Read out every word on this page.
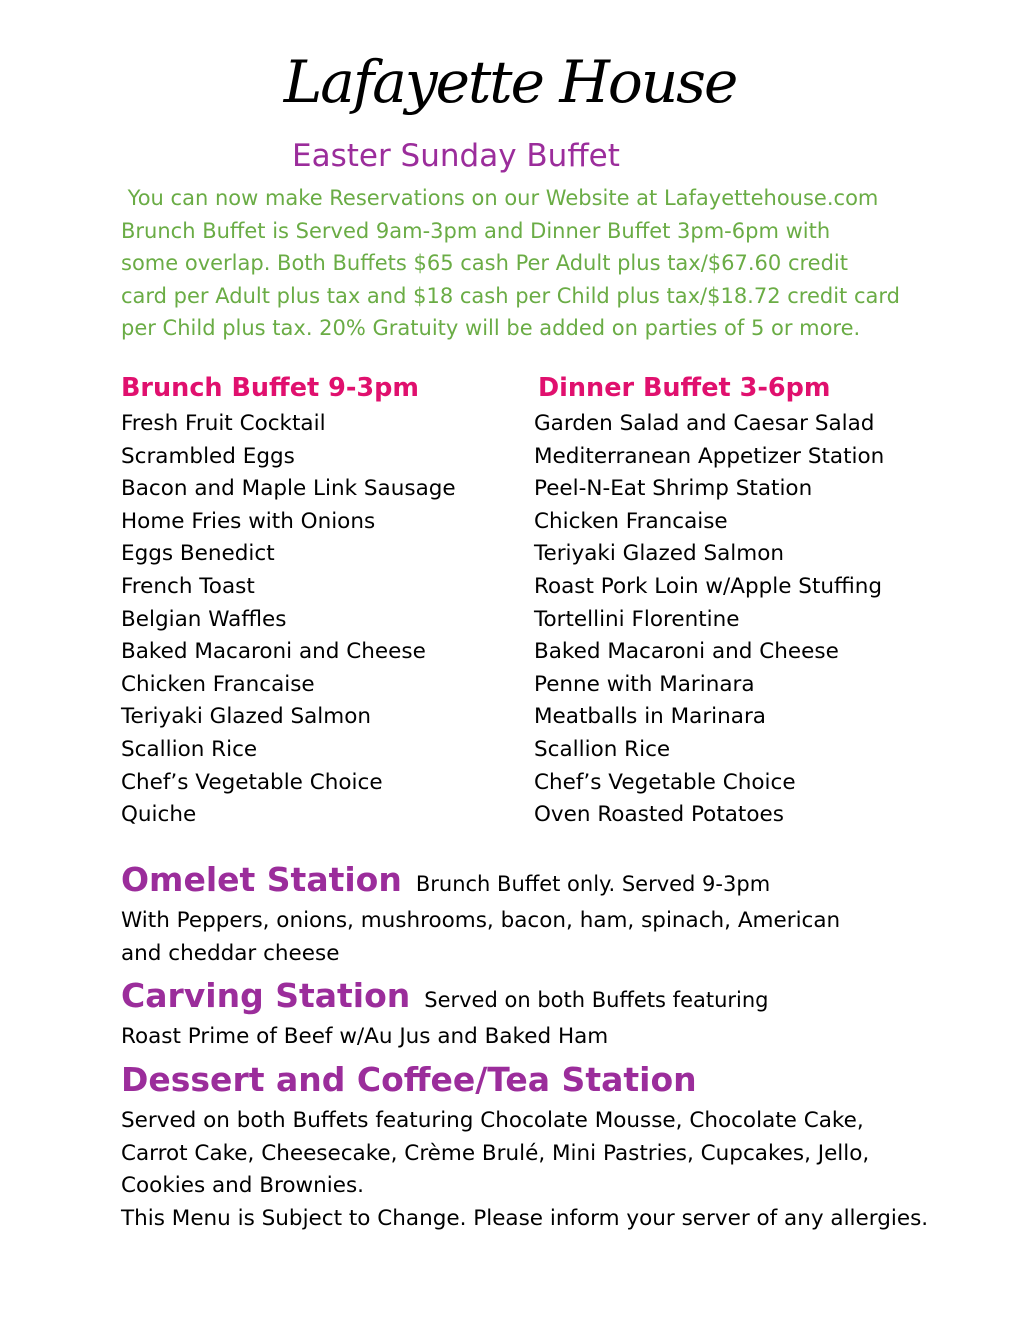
Lafayette House
Easter Sunday Buffet
You can now make Reservations on our Website at Lafayettehouse.com
Brunch Buffet is Served 9am-3pm and Dinner Buffet 3pm-6pm with
some overlap. Both Buffets $65 cash Per Adult plus tax/$67.60 credit
card per Adult plus tax and $18 cash per Child plus tax/$18.72 credit card
per Child plus tax. 20% Gratuity will be added on parties of 5 or more.
Brunch Buffet 9-3pm	Dinner Buffet 3-6pm
Fresh Fruit Cocktail
Scrambled Eggs
Bacon and Maple Link Sausage
Home Fries with Onions
Eggs Benedict
French Toast
Belgian Waffles
Baked Macaroni and Cheese
Chicken Francaise
Teriyaki Glazed Salmon
Scallion Rice
Chef’s Vegetable Choice
Quiche
Garden Salad and Caesar Salad
Mediterranean Appetizer Station
Peel-N-Eat Shrimp Station
Chicken Francaise
Teriyaki Glazed Salmon
Roast Pork Loin w/Apple Stuffing
Tortellini Florentine
Baked Macaroni and Cheese
Penne with Marinara
Meatballs in Marinara
Scallion Rice
Chef’s Vegetable Choice
Oven Roasted Potatoes
Omelet Station Brunch Buffet only. Served 9-3pm
With Peppers, onions, mushrooms, bacon, ham, spinach, American
and cheddar cheese
Carving Station Served on both Buffets featuring
Roast Prime of Beef w/Au Jus and Baked Ham
Dessert and Coffee/Tea Station
Served on both Buffets featuring Chocolate Mousse, Chocolate Cake,
Carrot Cake, Cheesecake, Crème Brulé, Mini Pastries, Cupcakes, Jello,
Cookies and Brownies.
This Menu is Subject to Change. Please inform your server of any allergies.
